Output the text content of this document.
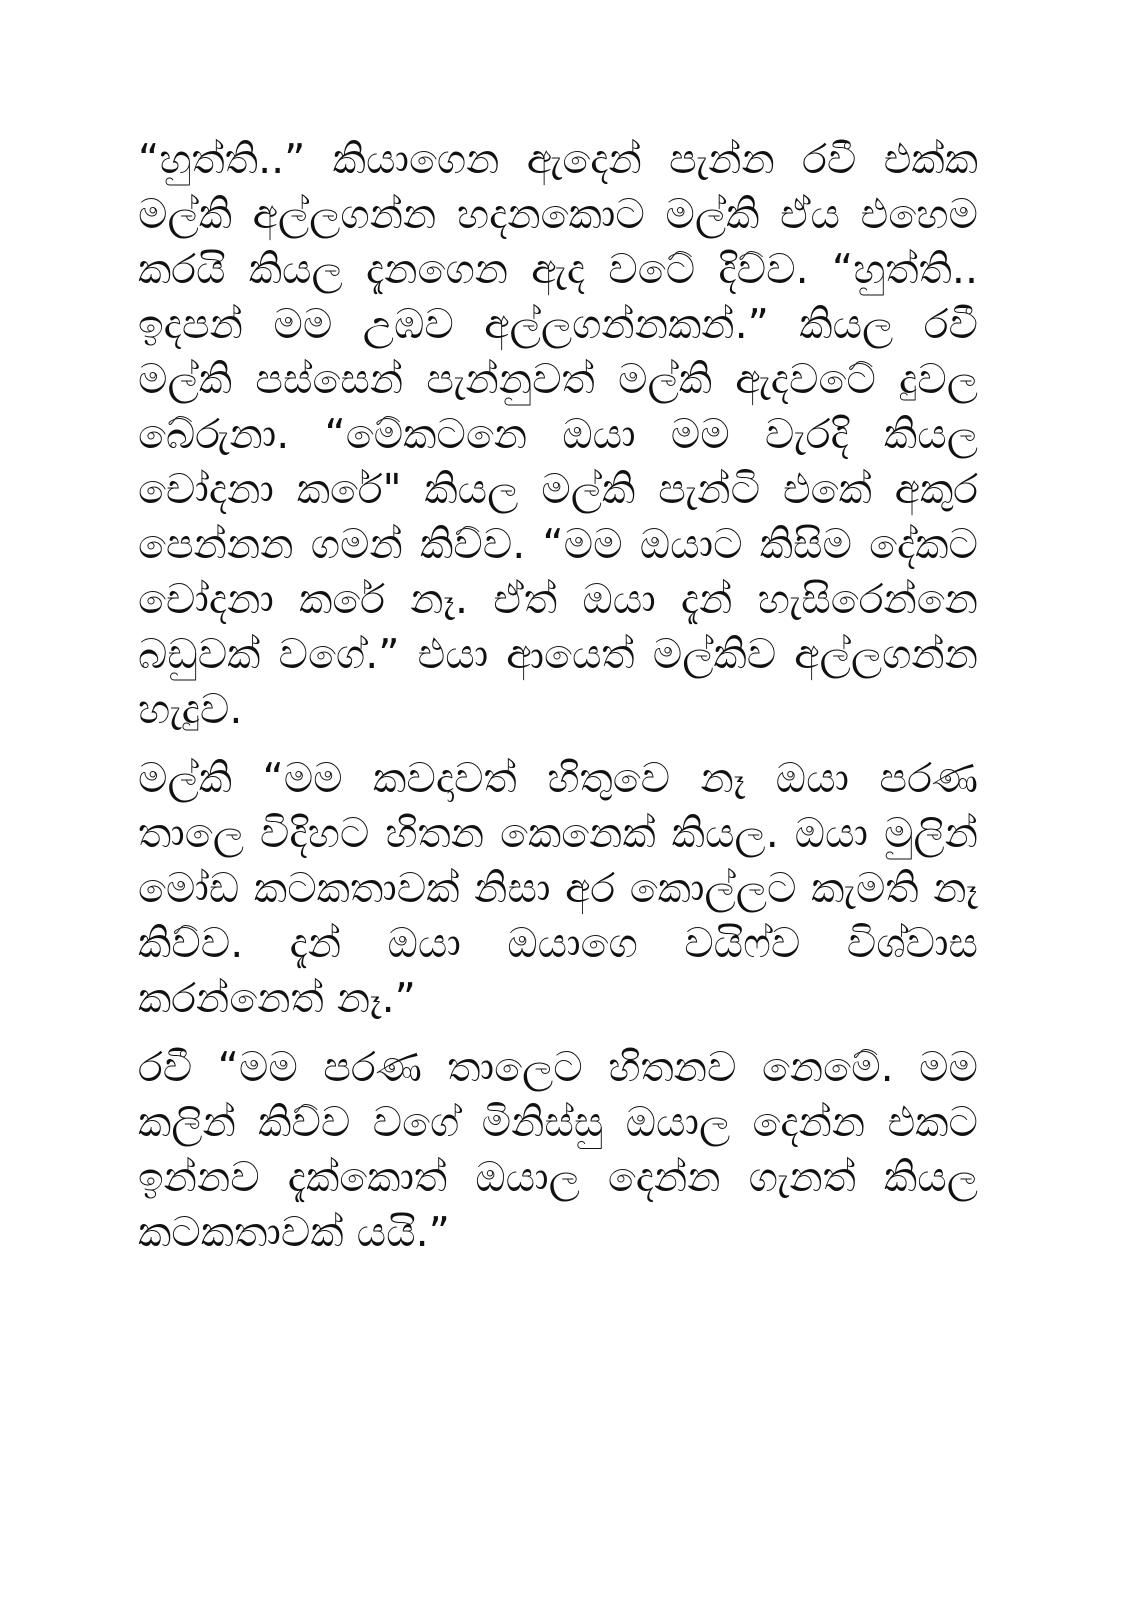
“හුත්ති..” කියාගෙන ඇදෙන් පැන්න රවී එක්ක මල්කි අල්ලගන්න හදනකොට මල්කි ඒය එහෙම කරයි කියල දැනගෙන ඇද වටේ දිව්ව. “හුත්ති.. ඉදපන් මම උඹව අල්ලගන්නකන්.” කියල රවී මල්කි පස්සෙන් පැන්නුවත් මල්කි ඇදවටේ දුවල බේරුනා. “මේකටනෙ ඔයා මම වැරදි කියල චෝදනා කරේ" කියල මල්කි පැන්ටි එකේ අකුර පෙන්නන ගමන් කිව්ව. “මම ඔයාට කිසිම දේකට චෝදනා කරේ නෑ. ඒත් ඔයා දැන් හැසිරෙන්නෙ බඩුවක් වගේ.” එයා ආයෙත් මල්කිව අල්ලගන්න හැදුව.

මල්කි “මම කවදාවත් හිතුවෙ නෑ ඔයා පරණ තාලෙ විදිහට හිතන කෙනෙක් කියල. ඔයා මුලින් මෝඩ කටකතාවක් නිසා අර කොල්ලට කැමති නෑ කිව්ව. දැන් ඔයා ඔයාගෙ වයිෆ්ව විශ්වාස කරන්නෙත් නෑ.”

රවී “මම පරණ තාලෙට හිතනව නෙමේ. මම කලින් කිව්ව වගේ මිනිස්සු ඔයාල දෙන්න එකට ඉන්නව දැක්කොත් ඔයාල දෙන්න ගැනත් කියල කටකතාවක් යයි.”
